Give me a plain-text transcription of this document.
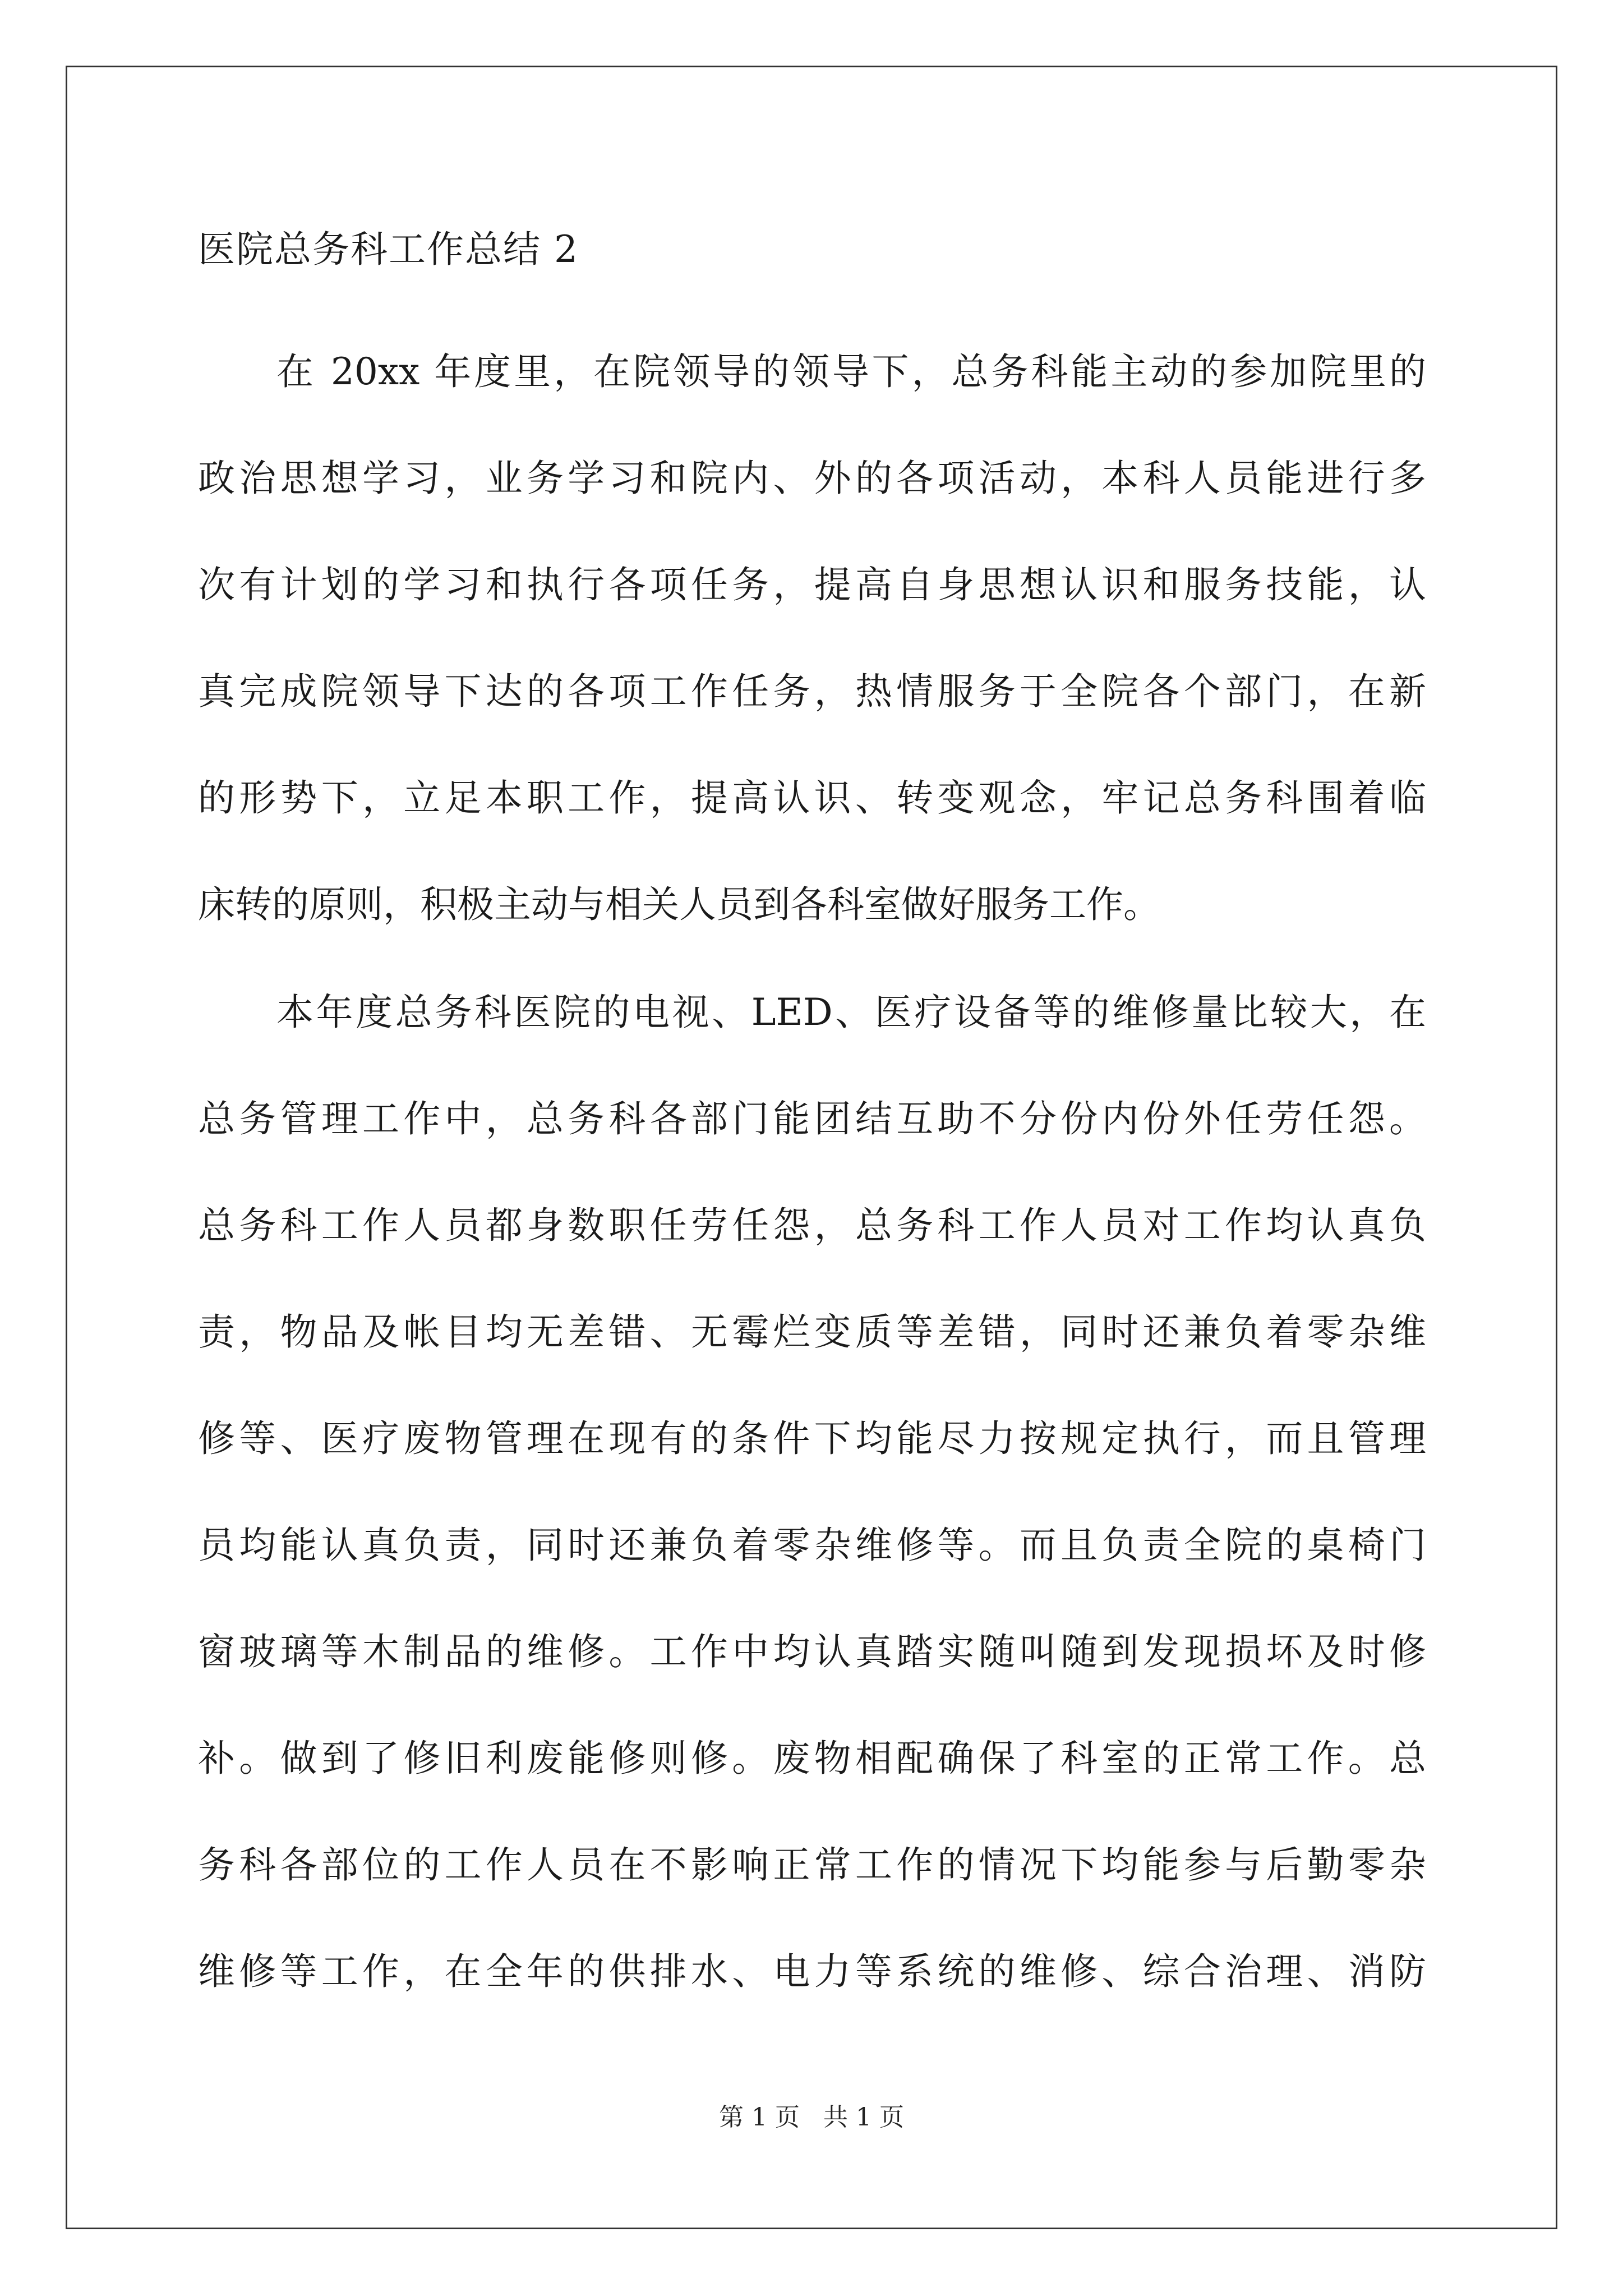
医院总务科工作总结 2
在 20xx 年度里，在院领导的领导下，总务科能主动的参加院里的
政治思想学习，业务学习和院内、外的各项活动，本科人员能进行多
次有计划的学习和执行各项任务，提高自身思想认识和服务技能，认
真完成院领导下达的各项工作任务，热情服务于全院各个部门，在新
的形势下，立足本职工作，提高认识、转变观念，牢记总务科围着临
床转的原则，积极主动与相关人员到各科室做好服务工作。
本年度总务科医院的电视、LED、医疗设备等的维修量比较大，在
总务管理工作中，总务科各部门能团结互助不分份内份外任劳任怨。
总务科工作人员都身数职任劳任怨，总务科工作人员对工作均认真负
责，物品及帐目均无差错、无霉烂变质等差错，同时还兼负着零杂维
修等、医疗废物管理在现有的条件下均能尽力按规定执行，而且管理
员均能认真负责，同时还兼负着零杂维修等。而且负责全院的桌椅门
窗玻璃等木制品的维修。工作中均认真踏实随叫随到发现损坏及时修
补。做到了修旧利废能修则修。废物相配确保了科室的正常工作。总
务科各部位的工作人员在不影响正常工作的情况下均能参与后勤零杂
维修等工作，在全年的供排水、电力等系统的维修、综合治理、消防
第 1 页   共 1 页
